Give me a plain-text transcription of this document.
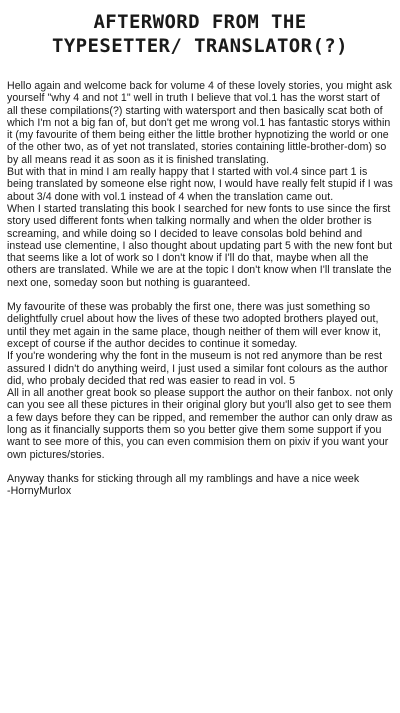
AFTERWORD FROM THE
TYPESETTER/ TRANSLATOR(?)

Hello again and welcome back for volume 4 of these lovely stories, you might ask yourself "why 4 and not 1" well in truth I believe that vol.1 has the worst start of all these compilations(?) starting with watersport and then basically scat both of which I'm not a big fan of, but don't get me wrong vol.1 has fantastic storys within it (my favourite of them being either the little brother hypnotizing the world or one of the other two, as of yet not translated, stories containing little-brother-dom) so by all means read it as soon as it is finished translating.

But with that in mind I am really happy that I started with vol.4 since part 1 is being translated by someone else right now, I would have really felt stupid if I was about 3/4 done with vol.1 instead of 4 when the translation came out.

When I started translating this book I searched for new fonts to use since the first story used different fonts when talking normally and when the older brother is screaming, and while doing so I decided to leave consolas bold behind and instead use clementine, I also thought about updating part 5 with the new font but that seems like a lot of work so I don't know if I'll do that, maybe when all the others are translated. While we are at the topic I don't know when I'll translate the next one, someday soon but nothing is guaranteed.

My favourite of these was probably the first one, there was just something so delightfully cruel about how the lives of these two adopted brothers played out, until they met again in the same place, though neither of them will ever know it, except of course if the author decides to continue it someday.

If you're wondering why the font in the museum is not red anymore than be rest assured I didn't do anything weird, I just used a similar font colours as the author did, who probaly decided that red was easier to read in vol. 5

All in all another great book so please support the author on their fanbox. not only can you see all these pictures in their original glory but you'll also get to see them a few days before they can be ripped, and remember the author can only draw as long as it financially supports them so you better give them some support if you want to see more of this, you can even commision them on pixiv if you want your own pictures/stories.

Anyway thanks for sticking through all my ramblings and have a nice week

-HornyMurlox
